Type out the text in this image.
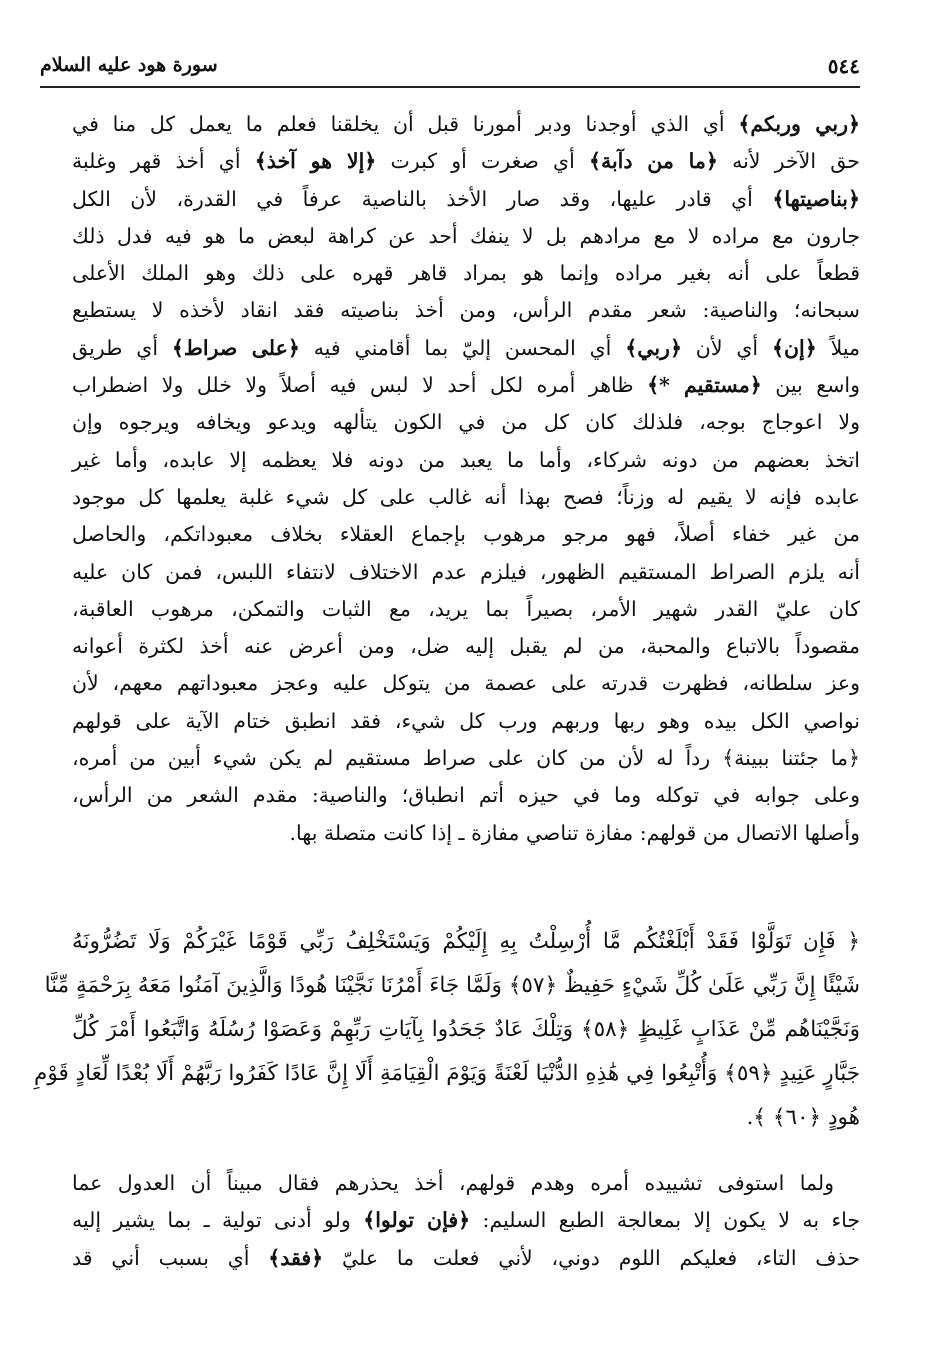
٥٤٤
سورة هود عليه السلام
﴿ربي وربكم﴾ أي الذي أوجدنا ودبر أمورنا قبل أن يخلقنا فعلم ما يعمل كل منا في
حق الآخر لأنه ﴿ما من دآبة﴾ أي صغرت أو كبرت ﴿إلا هو آخذ﴾ أي أخذ قهر وغلبة
﴿بناصيتها﴾ أي قادر عليها، وقد صار الأخذ بالناصية عرفاً في القدرة، لأن الكل
جارون مع مراده لا مع مرادهم بل لا ينفك أحد عن كراهة لبعض ما هو فيه فدل ذلك
قطعاً على أنه بغير مراده وإنما هو بمراد قاهر قهره على ذلك وهو الملك الأعلى
سبحانه؛ والناصية: شعر مقدم الرأس، ومن أخذ بناصيته فقد انقاد لأخذه لا يستطيع
ميلاً ﴿إن﴾ أي لأن ﴿ربي﴾ أي المحسن إليّ بما أقامني فيه ﴿على صراط﴾ أي طريق
واسع بين ﴿مستقيم *﴾ ظاهر أمره لكل أحد لا لبس فيه أصلاً ولا خلل ولا اضطراب
ولا اعوجاج بوجه، فلذلك كان كل من في الكون يتألهه ويدعو ويخافه ويرجوه وإن
اتخذ بعضهم من دونه شركاء، وأما ما يعبد من دونه فلا يعظمه إلا عابده، وأما غير
عابده فإنه لا يقيم له وزناً؛ فصح بهذا أنه غالب على كل شيء غلبة يعلمها كل موجود
من غير خفاء أصلاً، فهو مرجو مرهوب بإجماع العقلاء بخلاف معبوداتكم، والحاصل
أنه يلزم الصراط المستقيم الظهور، فيلزم عدم الاختلاف لانتفاء اللبس، فمن كان عليه
كان عليّ القدر شهير الأمر، بصيراً بما يريد، مع الثبات والتمكن، مرهوب العاقبة،
مقصوداً بالاتباع والمحبة، من لم يقبل إليه ضل، ومن أعرض عنه أخذ لكثرة أعوانه
وعز سلطانه، فظهرت قدرته على عصمة من يتوكل عليه وعجز معبوداتهم معهم، لأن
نواصي الكل بيده وهو ربها وربهم ورب كل شيء، فقد انطبق ختام الآية على قولهم
﴿ما جئتنا ببينة﴾ رداً له لأن من كان على صراط مستقيم لم يكن شيء أبين من أمره،
وعلى جوابه في توكله وما في حيزه أتم انطباق؛ والناصية: مقدم الشعر من الرأس،
وأصلها الاتصال من قولهم: مفازة تناصي مفازة ـ إذا كانت متصلة بها.
﴿ فَإِن تَوَلَّوْا فَقَدْ أَبْلَغْتُكُم مَّا أُرْسِلْتُ بِهِ إِلَيْكُمْ وَيَسْتَخْلِفُ رَبِّي قَوْمًا غَيْرَكُمْ وَلَا تَضُرُّونَهُ
شَيْئًا إِنَّ رَبِّي عَلَىٰ كُلِّ شَيْءٍ حَفِيظٌ ﴿٥٧﴾ وَلَمَّا جَاءَ أَمْرُنَا نَجَّيْنَا هُودًا وَالَّذِينَ آمَنُوا مَعَهُ بِرَحْمَةٍ مِّنَّا
وَنَجَّيْنَاهُم مِّنْ عَذَابٍ غَلِيظٍ ﴿٥٨﴾ وَتِلْكَ عَادٌ جَحَدُوا بِآيَاتِ رَبِّهِمْ وَعَصَوْا رُسُلَهُ وَاتَّبَعُوا أَمْرَ كُلِّ
جَبَّارٍ عَنِيدٍ ﴿٥٩﴾ وَأُتْبِعُوا فِي هَٰذِهِ الدُّنْيَا لَعْنَةً وَيَوْمَ الْقِيَامَةِ أَلَا إِنَّ عَادًا كَفَرُوا رَبَّهُمْ أَلَا بُعْدًا لِّعَادٍ قَوْمِ
هُودٍ ﴿٦٠﴾ ﴾.
ولما استوفى تشييده أمره وهدم قولهم، أخذ يحذرهم فقال مبيناً أن العدول عما
جاء به لا يكون إلا بمعالجة الطبع السليم: ﴿فإن تولوا﴾ ولو أدنى تولية ـ بما يشير إليه
حذف التاء، فعليكم اللوم دوني، لأني فعلت ما عليّ ﴿فقد﴾ أي بسبب أني قد
